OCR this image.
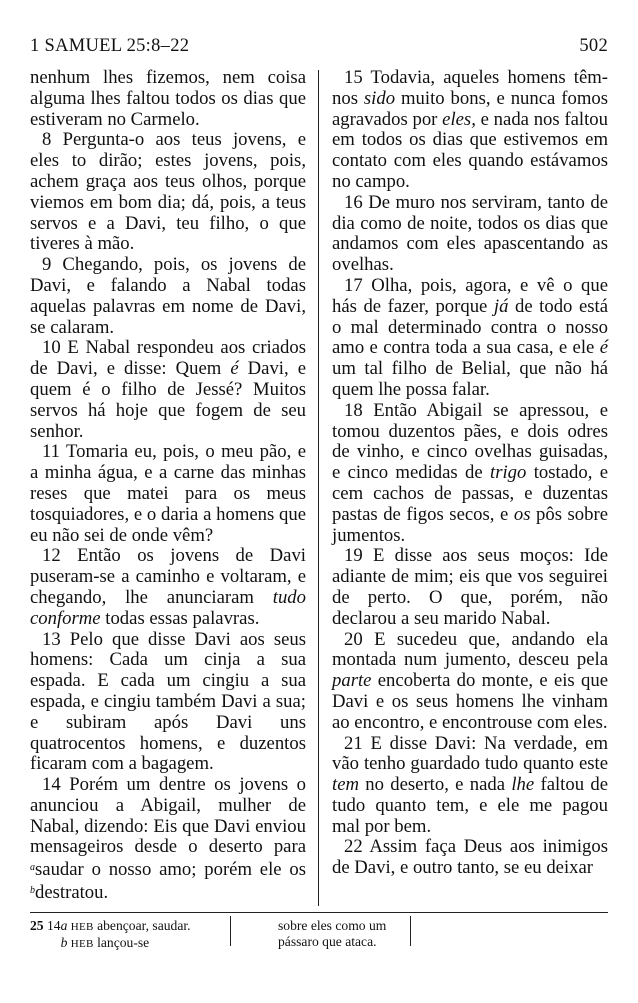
1 SAMUEL 25:8–22	502

nenhum lhes fizemos, nem coisa alguma lhes faltou todos os dias que estiveram no Carmelo.

8 Pergunta-o aos teus jovens, e eles to dirão; estes jovens, pois, achem graça aos teus olhos, porque viemos em bom dia; dá, pois, a teus servos e a Davi, teu filho, o que tiveres à mão.

9 Chegando, pois, os jovens de Davi, e falando a Nabal todas aquelas palavras em nome de Davi, se calaram.

10 E Nabal respondeu aos criados de Davi, e disse: Quem é Davi, e quem é o filho de Jessé? Muitos servos há hoje que fogem de seu senhor.

11 Tomaria eu, pois, o meu pão, e a minha água, e a carne das minhas reses que matei para os meus tosquiadores, e o daria a homens que eu não sei de onde vêm?

12 Então os jovens de Davi puseram-se a caminho e voltaram, e chegando, lhe anunciaram tudo conforme todas essas palavras.

13 Pelo que disse Davi aos seus homens: Cada um cinja a sua espada. E cada um cingiu a sua espada, e cingiu também Davi a sua; e subiram após Davi uns quatrocentos homens, e duzentos ficaram com a bagagem.

14 Porém um dentre os jovens o anunciou a Abigail, mulher de Nabal, dizendo: Eis que Davi enviou mensageiros desde o deserto para $^a$saudar o nosso amo; porém ele os $^b$destratou.

15 Todavia, aqueles homens têm-nos sido muito bons, e nunca fomos agravados por eles, e nada nos faltou em todos os dias que estivemos em contato com eles quando estávamos no campo.

16 De muro nos serviram, tanto de dia como de noite, todos os dias que andamos com eles apascentando as ovelhas.

17 Olha, pois, agora, e vê o que hás de fazer, porque já de todo está o mal determinado contra o nosso amo e contra toda a sua casa, e ele é um tal filho de Belial, que não há quem lhe possa falar.

18 Então Abigail se apressou, e tomou duzentos pães, e dois odres de vinho, e cinco ovelhas guisadas, e cinco medidas de trigo tostado, e cem cachos de passas, e duzentas pastas de figos secos, e os pôs sobre jumentos.

19 E disse aos seus moços: Ide adiante de mim; eis que vos seguirei de perto. O que, porém, não declarou a seu marido Nabal.

20 E sucedeu que, andando ela montada num jumento, desceu pela parte encoberta do monte, e eis que Davi e os seus homens lhe vinham ao encontro, e encontrouse com eles.

21 E disse Davi: Na verdade, em vão tenho guardado tudo quanto este tem no deserto, e nada lhe faltou de tudo quanto tem, e ele me pagou mal por bem.

22 Assim faça Deus aos inimigos de Davi, e outro tanto, se eu deixar

25 14a HEB abençoar, saudar.
b HEB lançou-se
sobre eles como um
pássaro que ataca.
